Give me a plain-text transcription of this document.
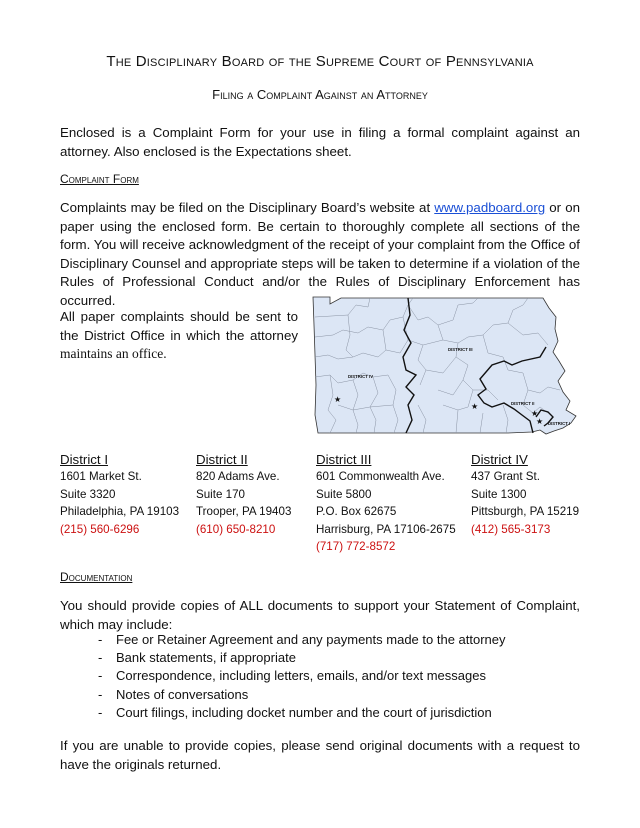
The Disciplinary Board of the Supreme Court of Pennsylvania
Filing a Complaint Against an Attorney
Enclosed is a Complaint Form for your use in filing a formal complaint against an attorney. Also enclosed is the Expectations sheet.
Complaint Form
Complaints may be filed on the Disciplinary Board’s website at www.padboard.org or on paper using the enclosed form. Be certain to thoroughly complete all sections of the form. You will receive acknowledgment of the receipt of your complaint from the Office of Disciplinary Counsel and appropriate steps will be taken to determine if a violation of the Rules of Professional Conduct and/or the Rules of Disciplinary Enforcement has occurred.
All paper complaints should be sent to the District Office in which the attorney maintains an office.	DISTRICT III
DISTRICT IV
DISTRICT II
DISTRICT I
★
★
★
★
District I
1601 Market St.
Suite 3320
Philadelphia, PA 19103
(215) 560-6296
District II
820 Adams Ave.
Suite 170
Trooper, PA 19403
(610) 650-8210
District III
601 Commonwealth Ave.
Suite 5800
P.O. Box 62675
Harrisburg, PA 17106-2675
(717) 772-8572
District IV
437 Grant St.
Suite 1300
Pittsburgh, PA 15219
(412) 565-3173
Documentation
You should provide copies of ALL documents to support your Statement of Complaint, which may include:
- Fee or Retainer Agreement and any payments made to the attorney
- Bank statements, if appropriate
- Correspondence, including letters, emails, and/or text messages
- Notes of conversations
- Court filings, including docket number and the court of jurisdiction
If you are unable to provide copies, please send original documents with a request to have the originals returned.
